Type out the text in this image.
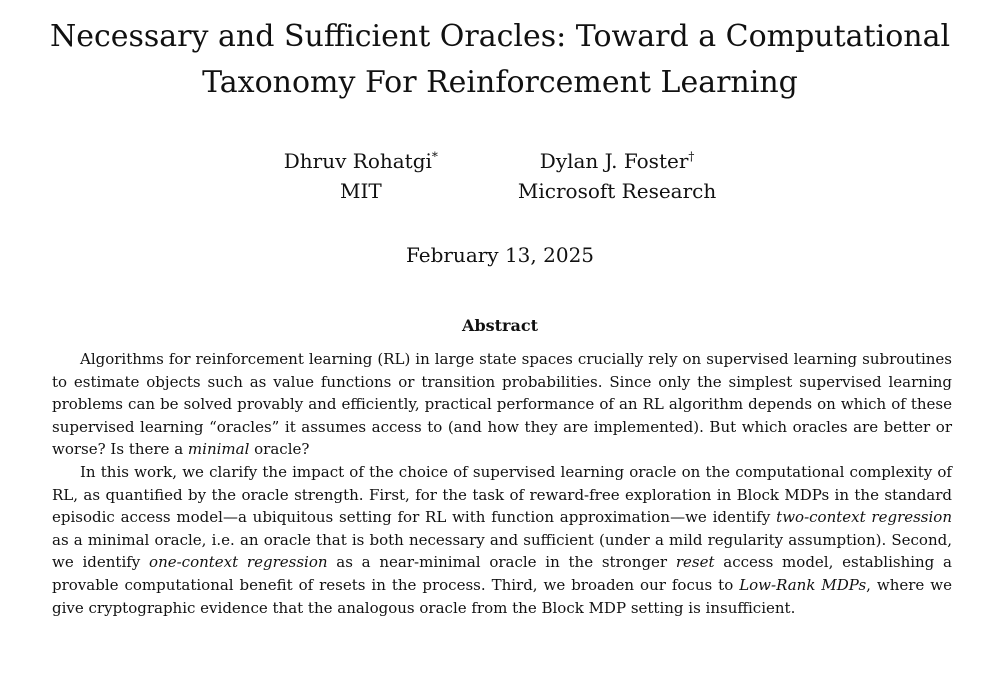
Necessary and Sufficient Oracles: Toward a Computational
Taxonomy For Reinforcement Learning
Dhruv Rohatgi*
MIT
Dylan J. Foster†
Microsoft Research
February 13, 2025
Abstract

Algorithms for reinforcement learning (RL) in large state spaces crucially rely on supervised learning subroutines to estimate objects such as value functions or transition probabilities. Since only the simplest supervised learning problems can be solved provably and efficiently, practical performance of an RL algorithm depends on which of these supervised learning “oracles” it assumes access to (and how they are implemented). But which oracles are better or worse? Is there a minimal oracle?

In this work, we clarify the impact of the choice of supervised learning oracle on the computational complexity of RL, as quantified by the oracle strength. First, for the task of reward-free exploration in Block MDPs in the standard episodic access model—a ubiquitous setting for RL with function approximation—we identify two-context regression as a minimal oracle, i.e. an oracle that is both necessary and sufficient (under a mild regularity assumption). Second, we identify one-context regression as a near-minimal oracle in the stronger reset access model, establishing a provable computational benefit of resets in the process. Third, we broaden our focus to Low-Rank MDPs, where we give cryptographic evidence that the analogous oracle from the Block MDP setting is insufficient.
